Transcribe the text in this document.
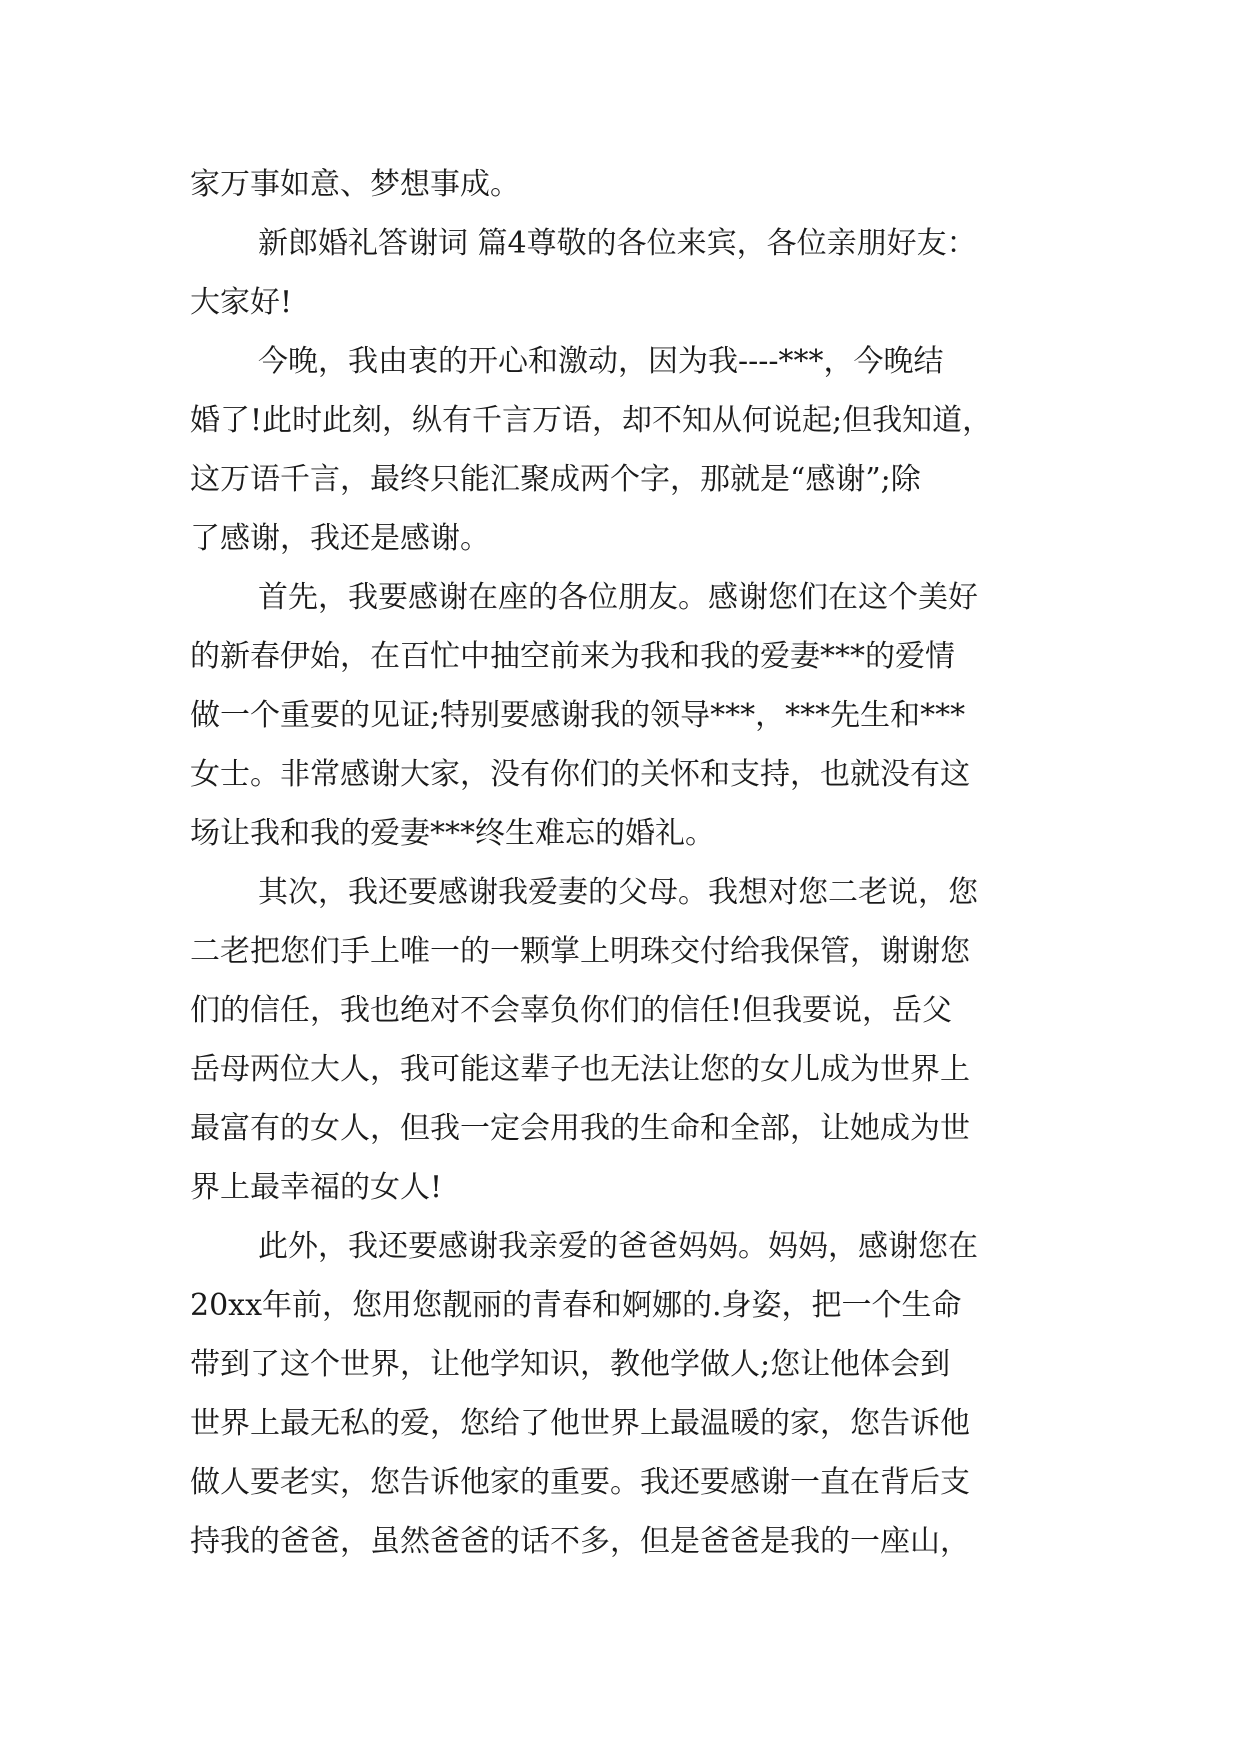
家万事如意、梦想事成。
新郎婚礼答谢词 篇4尊敬的各位来宾，各位亲朋好友：
大家好!
今晚，我由衷的开心和激动，因为我----***，今晚结
婚了!此时此刻，纵有千言万语，却不知从何说起;但我知道，
这万语千言，最终只能汇聚成两个字，那就是“感谢”;除
了感谢，我还是感谢。
首先，我要感谢在座的各位朋友。感谢您们在这个美好
的新春伊始，在百忙中抽空前来为我和我的爱妻***的爱情
做一个重要的见证;特别要感谢我的领导***，***先生和***
女士。非常感谢大家，没有你们的关怀和支持，也就没有这
场让我和我的爱妻***终生难忘的婚礼。
其次，我还要感谢我爱妻的父母。我想对您二老说，您
二老把您们手上唯一的一颗掌上明珠交付给我保管，谢谢您
们的信任，我也绝对不会辜负你们的信任!但我要说，岳父
岳母两位大人，我可能这辈子也无法让您的女儿成为世界上
最富有的女人，但我一定会用我的生命和全部，让她成为世
界上最幸福的女人!
此外，我还要感谢我亲爱的爸爸妈妈。妈妈，感谢您在
20xx年前，您用您靓丽的青春和婀娜的.身姿，把一个生命
带到了这个世界，让他学知识，教他学做人;您让他体会到
世界上最无私的爱，您给了他世界上最温暖的家，您告诉他
做人要老实，您告诉他家的重要。我还要感谢一直在背后支
持我的爸爸，虽然爸爸的话不多，但是爸爸是我的一座山，
